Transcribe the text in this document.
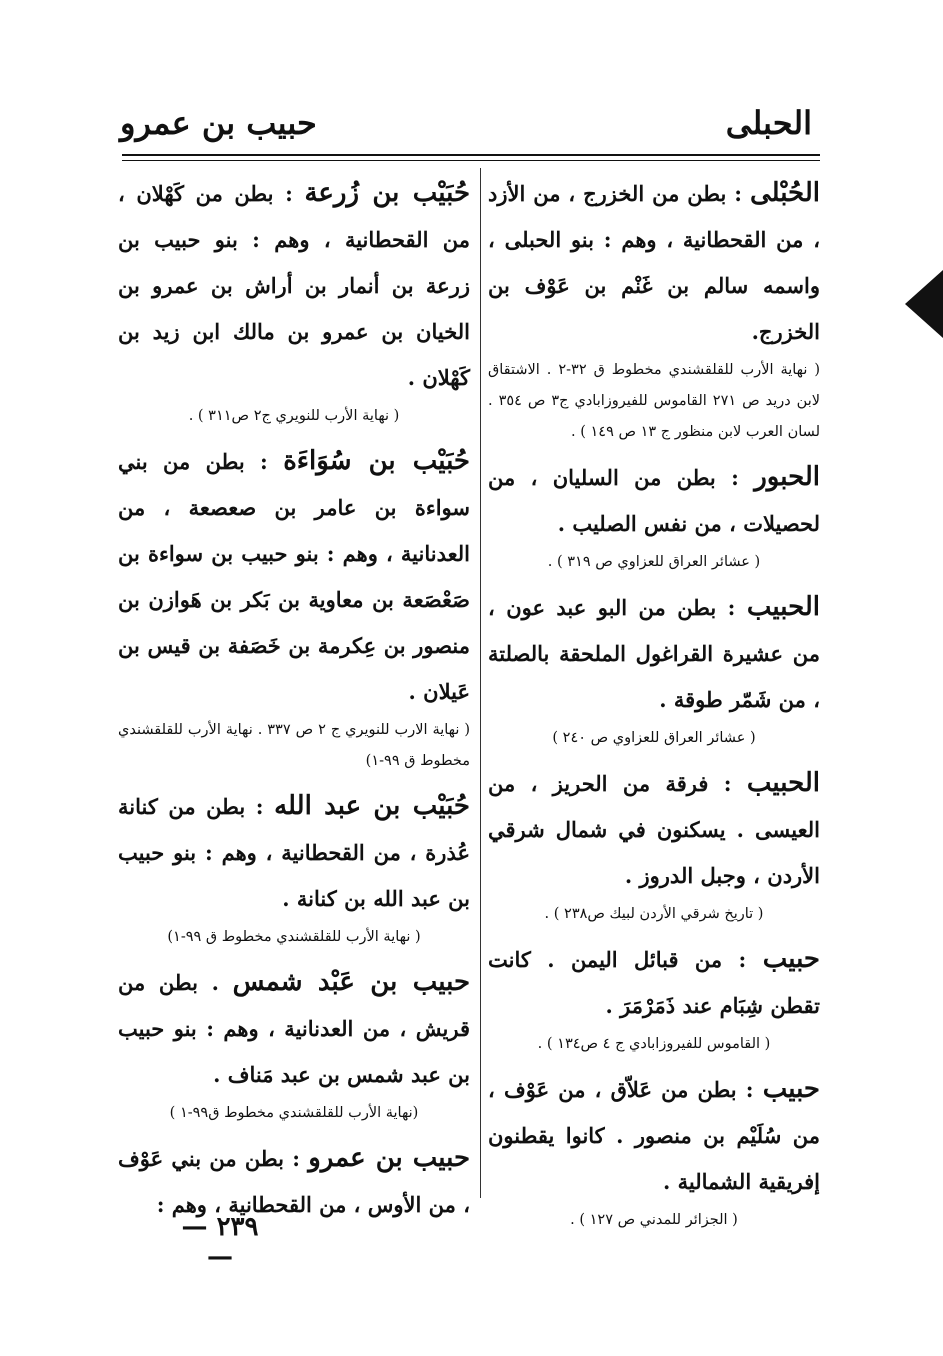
الحبلى
حبيب بن عمرو
الحُبْلى : بطن من الخزرج ، من الأزد ، من القحطانية ، وهم : بنو الحبلى ، واسمه سالم بن غَنْم بن عَوْف بن الخزرج.
( نهاية الأرب للقلقشندي مخطوط ق ٣٢-٢ . الاشتقاق لابن دريد ص ٢٧١ القاموس للفيروزابادي ج٣ ص ٣٥٤ . لسان العرب لابن منظور ج ١٣ ص ١٤٩ ) .
الحبور : بطن من السليان ، من لحصيلات ، من نفس الصليب .
( عشائر العراق للعزاوي ص ٣١٩ ) .
الحبيب : بطن من البو عبد عون ، من عشيرة القراغول الملحقة بالصلتة ، من شَمّر طوقة .
( عشائر العراق للعزاوي ص ٢٤٠ )
الحبيب : فرقة من الحريز ، من العيسى . يسكنون في شمال شرقي الأردن ، وجبل الدروز .
( تاريخ شرقي الأردن لبيك ص٢٣٨ ) .
حبيب : من قبائل اليمن . كانت تقطن شِبَام عند ذَمَرْمَرَ .
( القاموس للفيروزابادي ج ٤ ص١٣٤ ) .
حبيب : بطن من عَلاّق ، من عَوْف ، من سُلَيْم بن منصور . كانوا يقطنون إفريقية الشمالية .
( الجزائر للمدني ص ١٢٧ ) .
حُبَيْب بن زُرعة : بطن من كَهْلان ، من القحطانية ، وهم : بنو حبيب بن زرعة بن أنمار بن أراش بن عمرو بن الخيان بن عمرو بن مالك ابن زيد بن كَهْلان .
( نهاية الأرب للنويري ج٢ ص٣١١ ) .
حُبَيْب بن سُوَاءَة : بطن من بني سواءة بن عامر بن صعصعة ، من العدنانية ، وهم : بنو حبيب بن سواءة بن صَعْصَعة بن معاوية بن بَكر بن هَوازن بن منصور بن عِكرمة بن خَصَفة بن قيس بن عَيلان .
( نهاية الارب للنويري ج ٢ ص ٣٣٧ . نهاية الأرب للقلقشندي مخطوط ق ٩٩-١)
حُبَيْب بن عبد الله : بطن من كنانة عُذرة ، من القحطانية ، وهم : بنو حبيب بن عبد الله بن كنانة .
( نهاية الأرب للقلقشندي مخطوط ق ٩٩-١)
حبيب بن عَبْد شمس . بطن من قريش ، من العدنانية ، وهم : بنو حبيب بن عبد شمس بن عبد مَناف .
(نهاية الأرب للقلقشندي مخطوط ق٩٩-١ )
حبيب بن عمرو : بطن من بني عَوْف ، من الأوس ، من القحطانية ، وهم :
— ٢٣٩ —
